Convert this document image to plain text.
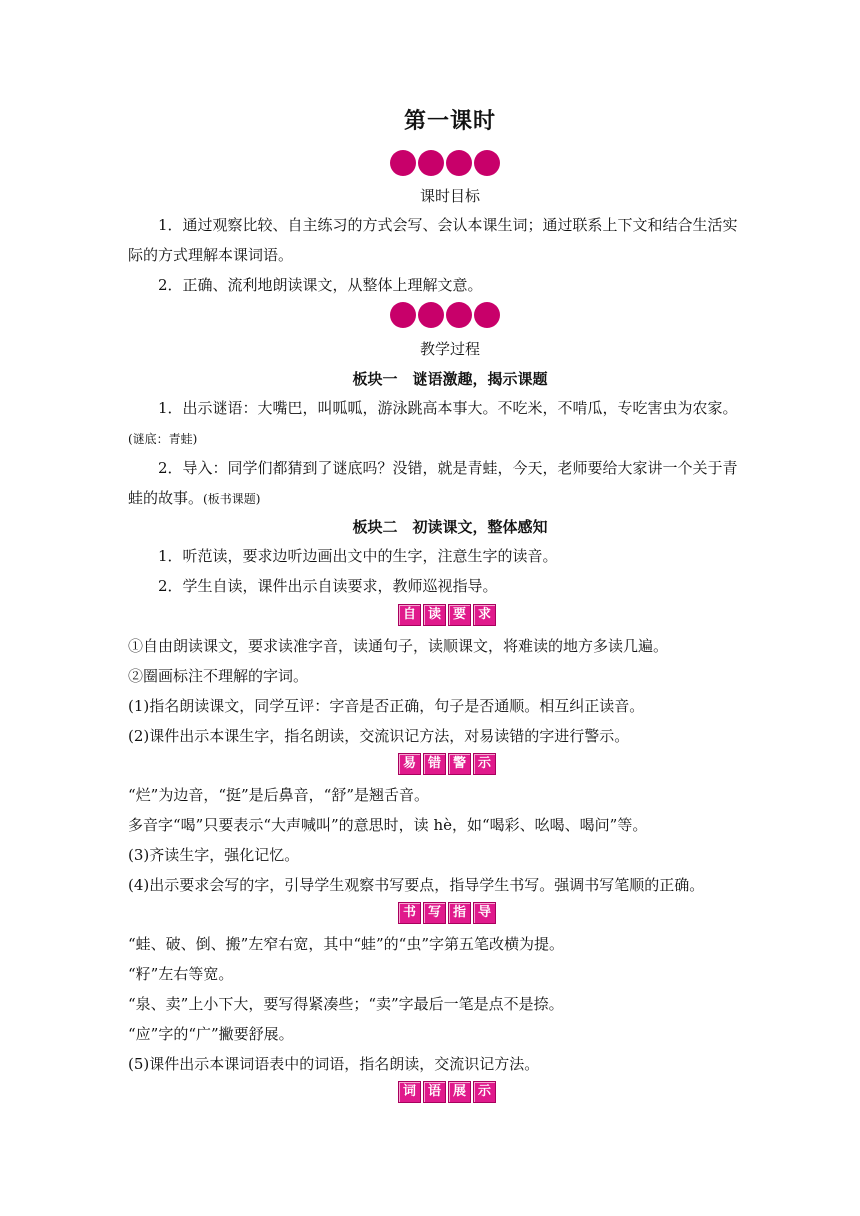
第一课时
课时目标
1．通过观察比较、自主练习的方式会写、会认本课生词；通过联系上下文和结合生活实际的方式理解本课词语。
2．正确、流利地朗读课文，从整体上理解文意。
教学过程
板块一　谜语激趣，揭示课题
1．出示谜语：大嘴巴，叫呱呱，游泳跳高本事大。不吃米，不啃瓜，专吃害虫为农家。(谜底：青蛙)
2．导入：同学们都猜到了谜底吗？没错，就是青蛙，今天，老师要给大家讲一个关于青蛙的故事。(板书课题)
板块二　初读课文，整体感知
1．听范读，要求边听边画出文中的生字，注意生字的读音。
2．学生自读，课件出示自读要求，教师巡视指导。
自 读 要 求
①自由朗读课文，要求读准字音，读通句子，读顺课文，将难读的地方多读几遍。
②圈画标注不理解的字词。
(1)指名朗读课文，同学互评：字音是否正确，句子是否通顺。相互纠正读音。
(2)课件出示本课生字，指名朗读，交流识记方法，对易读错的字进行警示。
易 错 警 示
“烂”为边音，“挺”是后鼻音，“舒”是翘舌音。
多音字“喝”只要表示“大声喊叫”的意思时，读 hè，如“喝彩、吆喝、喝问”等。
(3)齐读生字，强化记忆。
(4)出示要求会写的字，引导学生观察书写要点，指导学生书写。强调书写笔顺的正确。
书 写 指 导
“蛙、破、倒、搬”左窄右宽，其中“蛙”的“虫”字第五笔改横为提。
“籽”左右等宽。
“泉、卖”上小下大，要写得紧凑些；“卖”字最后一笔是点不是捺。
“应”字的“广”撇要舒展。
(5)课件出示本课词语表中的词语，指名朗读，交流识记方法。
词 语 展 示
